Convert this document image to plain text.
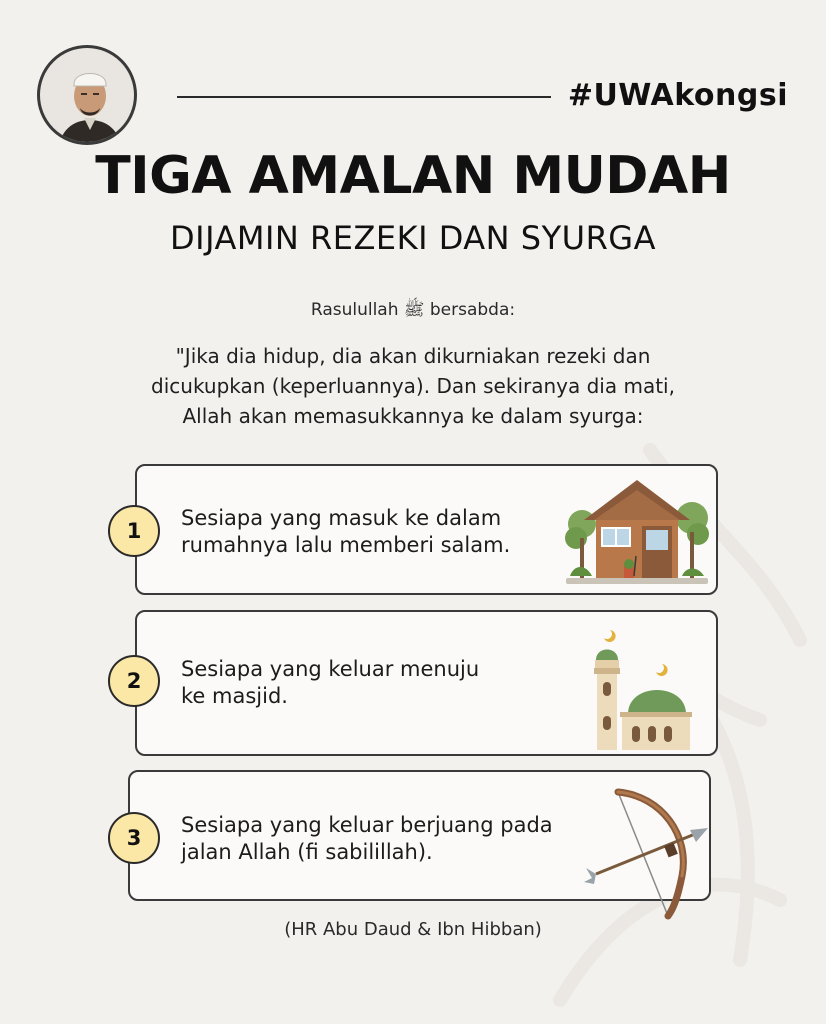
#UWAkongsi
TIGA AMALAN MUDAH
DIJAMIN REZEKI DAN SYURGA
Rasulullah ﷺ bersabda:
"Jika dia hidup, dia akan dikurniakan rezeki dan
dicukupkan (keperluannya). Dan sekiranya dia mati,
Allah akan memasukkannya ke dalam syurga:
1
Sesiapa yang masuk ke dalam
rumahnya lalu memberi salam.
2	Sesiapa yang keluar menuju
ke masjid.
3
Sesiapa yang keluar berjuang pada
jalan Allah (fi sabilillah).
(HR Abu Daud & Ibn Hibban)
